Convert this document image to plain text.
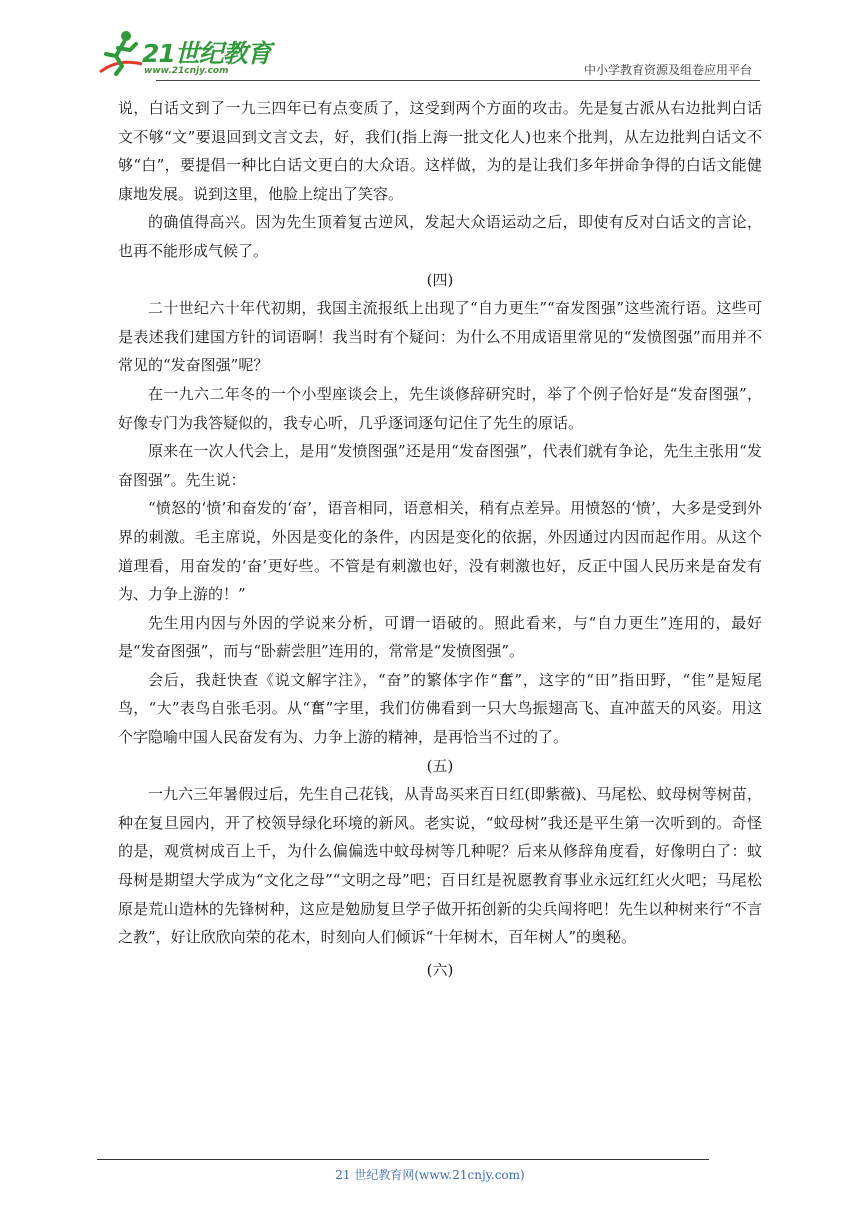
21世纪教育
www.21cnjy.com	中小学教育资源及组卷应用平台

说，白话文到了一九三四年已有点变质了，这受到两个方面的攻击。先是复古派从右边批判白话文不够“文”要退回到文言文去，好，我们(指上海一批文化人)也来个批判，从左边批判白话文不够“白”，要提倡一种比白话文更白的大众语。这样做，为的是让我们多年拼命争得的白话文能健康地发展。说到这里，他脸上绽出了笑容。

的确值得高兴。因为先生顶着复古逆风，发起大众语运动之后，即使有反对白话文的言论，也再不能形成气候了。

(四)

二十世纪六十年代初期，我国主流报纸上出现了“自力更生”“奋发图强”这些流行语。这些可是表述我们建国方针的词语啊！我当时有个疑问：为什么不用成语里常见的“发愤图强”而用并不常见的“发奋图强”呢？

在一九六二年冬的一个小型座谈会上，先生谈修辞研究时，举了个例子恰好是“发奋图强”，好像专门为我答疑似的，我专心听，几乎逐词逐句记住了先生的原话。

原来在一次人代会上，是用“发愤图强”还是用“发奋图强”，代表们就有争论，先生主张用“发奋图强”。先生说：

“愤怒的‘愤’和奋发的‘奋’，语音相同，语意相关，稍有点差异。用愤怒的‘愤’，大多是受到外界的刺激。毛主席说，外因是变化的条件，内因是变化的依据，外因通过内因而起作用。从这个道理看，用奋发的‘奋’更好些。不管是有刺激也好，没有刺激也好，反正中国人民历来是奋发有为、力争上游的！”

先生用内因与外因的学说来分析，可谓一语破的。照此看来，与“自力更生”连用的，最好是“发奋图强”，而与“卧薪尝胆”连用的，常常是“发愤图强”。

会后，我赶快查《说文解字注》，“奋”的繁体字作“奮”，这字的“田”指田野，“隹”是短尾鸟，“大”表鸟自张毛羽。从“奮”字里，我们仿佛看到一只大鸟振翅高飞、直冲蓝天的风姿。用这个字隐喻中国人民奋发有为、力争上游的精神，是再恰当不过的了。

(五)

一九六三年暑假过后，先生自己花钱，从青岛买来百日红(即紫薇)、马尾松、蚊母树等树苗，种在复旦园内，开了校领导绿化环境的新风。老实说，“蚊母树”我还是平生第一次听到的。奇怪的是，观赏树成百上千，为什么偏偏选中蚊母树等几种呢？后来从修辞角度看，好像明白了：蚊母树是期望大学成为“文化之母”“文明之母”吧；百日红是祝愿教育事业永远红红火火吧；马尾松原是荒山造林的先锋树种，这应是勉励复旦学子做开拓创新的尖兵闯将吧！先生以种树来行“不言之教”，好让欣欣向荣的花木，时刻向人们倾诉“十年树木，百年树人”的奥秘。

(六)

21 世纪教育网(www.21cnjy.com)
